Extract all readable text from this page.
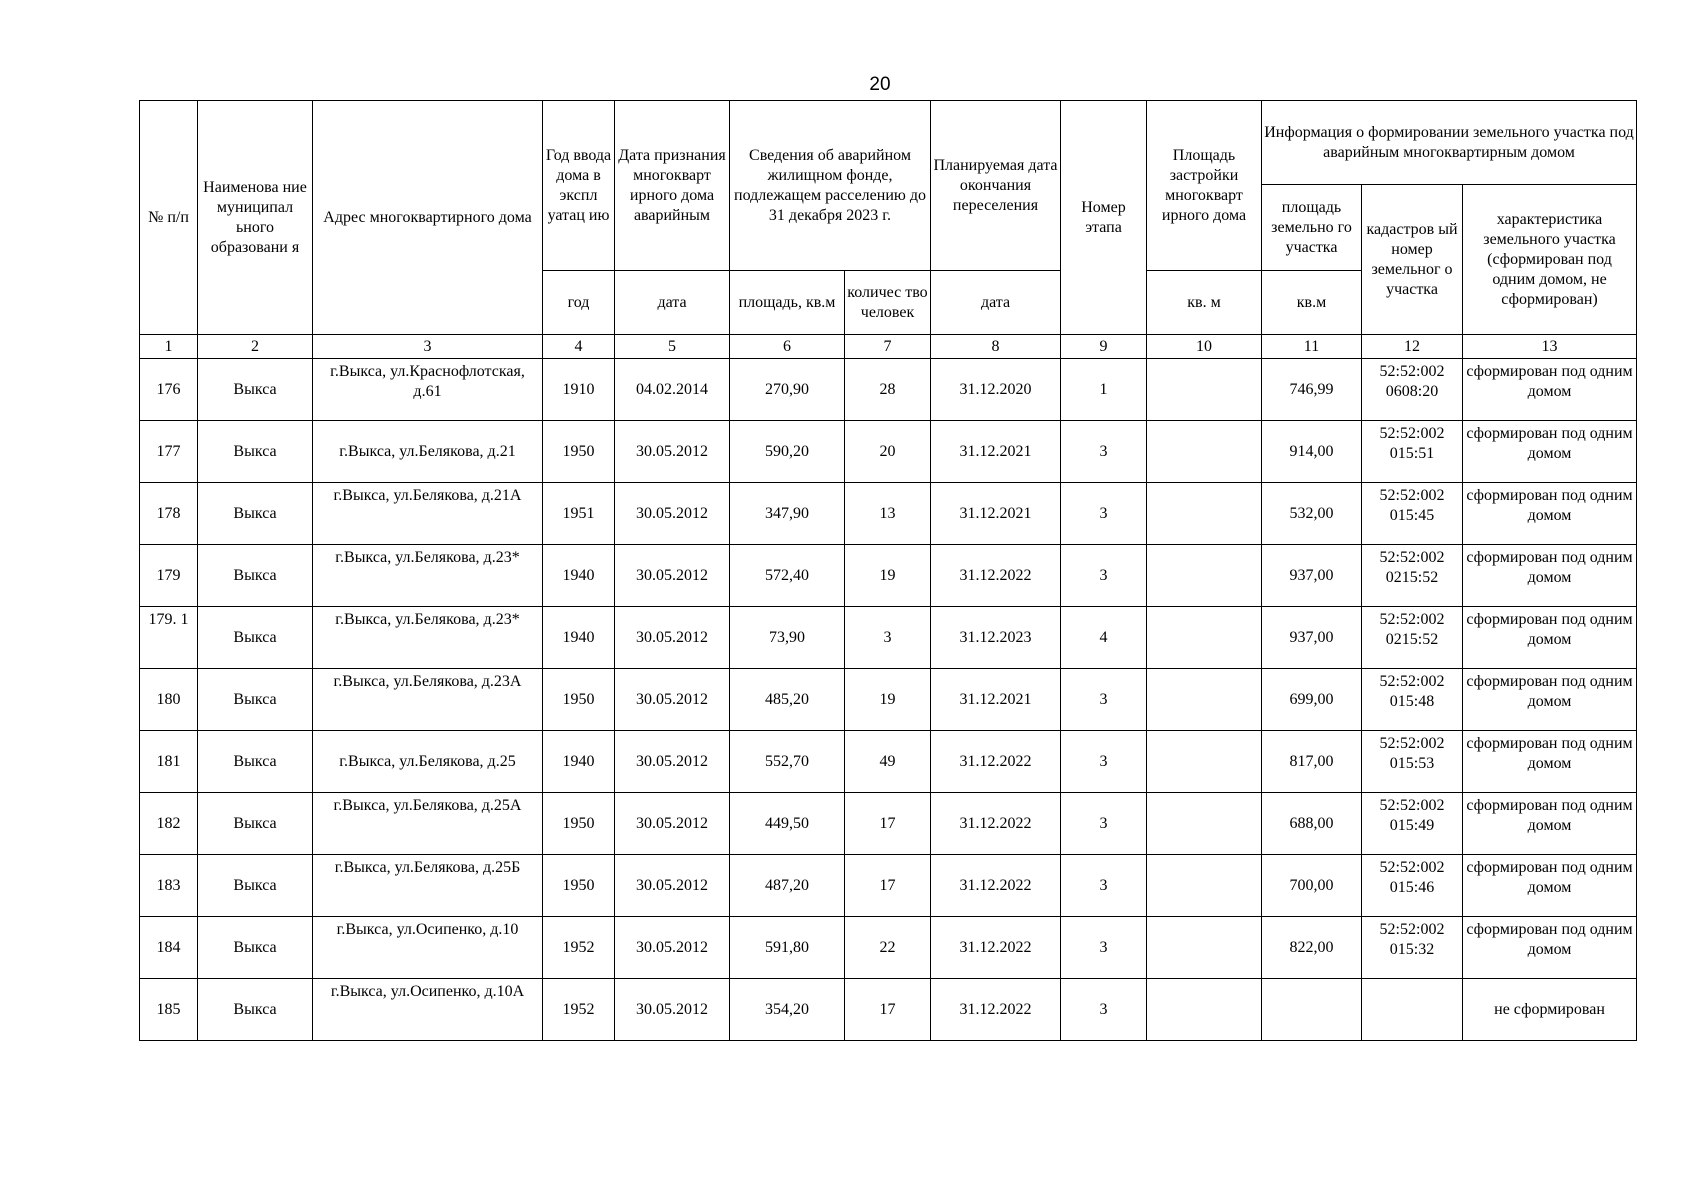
20
№ п/п	Наименова ние муниципал ьного образовани я	Адрес многоквартирного дома	Год ввода дома в экспл уатац ию	Дата признания многокварт ирного дома аварийным	Сведения об аварийном жилищном фонде, подлежащем расселению до 31 декабря 2023 г.		Планируемая дата окончания переселения	Номер этапа	Площадь застройки многокварт ирного дома	Информация о формировании земельного участка под аварийным многоквартирным домом		
										площадь земельно го участка	кадастров ый номер земельног о участка	характеристика земельного участка (сформирован под одним домом, не сформирован)
			год	дата	площадь, кв.м	количес тво человек	дата		кв. м	кв.м		
1	2	3	4	5	6	7	8	9	10	11	12	13
176	Выкса	г.Выкса, ул.Краснофлотская, д.61	1910	04.02.2014	270,90	28	31.12.2020	1		746,99	52:52:002 0608:20	сформирован под одним домом
177	Выкса	г.Выкса, ул.Белякова, д.21	1950	30.05.2012	590,20	20	31.12.2021	3		914,00	52:52:002 015:51	сформирован под одним домом
178	Выкса	г.Выкса, ул.Белякова, д.21А	1951	30.05.2012	347,90	13	31.12.2021	3		532,00	52:52:002 015:45	сформирован под одним домом
179	Выкса	г.Выкса, ул.Белякова, д.23*	1940	30.05.2012	572,40	19	31.12.2022	3		937,00	52:52:002 0215:52	сформирован под одним домом
179. 1	Выкса	г.Выкса, ул.Белякова, д.23*	1940	30.05.2012	73,90	3	31.12.2023	4		937,00	52:52:002 0215:52	сформирован под одним домом
180	Выкса	г.Выкса, ул.Белякова, д.23А	1950	30.05.2012	485,20	19	31.12.2021	3		699,00	52:52:002 015:48	сформирован под одним домом
181	Выкса	г.Выкса, ул.Белякова, д.25	1940	30.05.2012	552,70	49	31.12.2022	3		817,00	52:52:002 015:53	сформирован под одним домом
182	Выкса	г.Выкса, ул.Белякова, д.25А	1950	30.05.2012	449,50	17	31.12.2022	3		688,00	52:52:002 015:49	сформирован под одним домом
183	Выкса	г.Выкса, ул.Белякова, д.25Б	1950	30.05.2012	487,20	17	31.12.2022	3		700,00	52:52:002 015:46	сформирован под одним домом
184	Выкса	г.Выкса, ул.Осипенко, д.10	1952	30.05.2012	591,80	22	31.12.2022	3		822,00	52:52:002 015:32	сформирован под одним домом
185	Выкса	г.Выкса, ул.Осипенко, д.10А	1952	30.05.2012	354,20	17	31.12.2022	3				не сформирован
